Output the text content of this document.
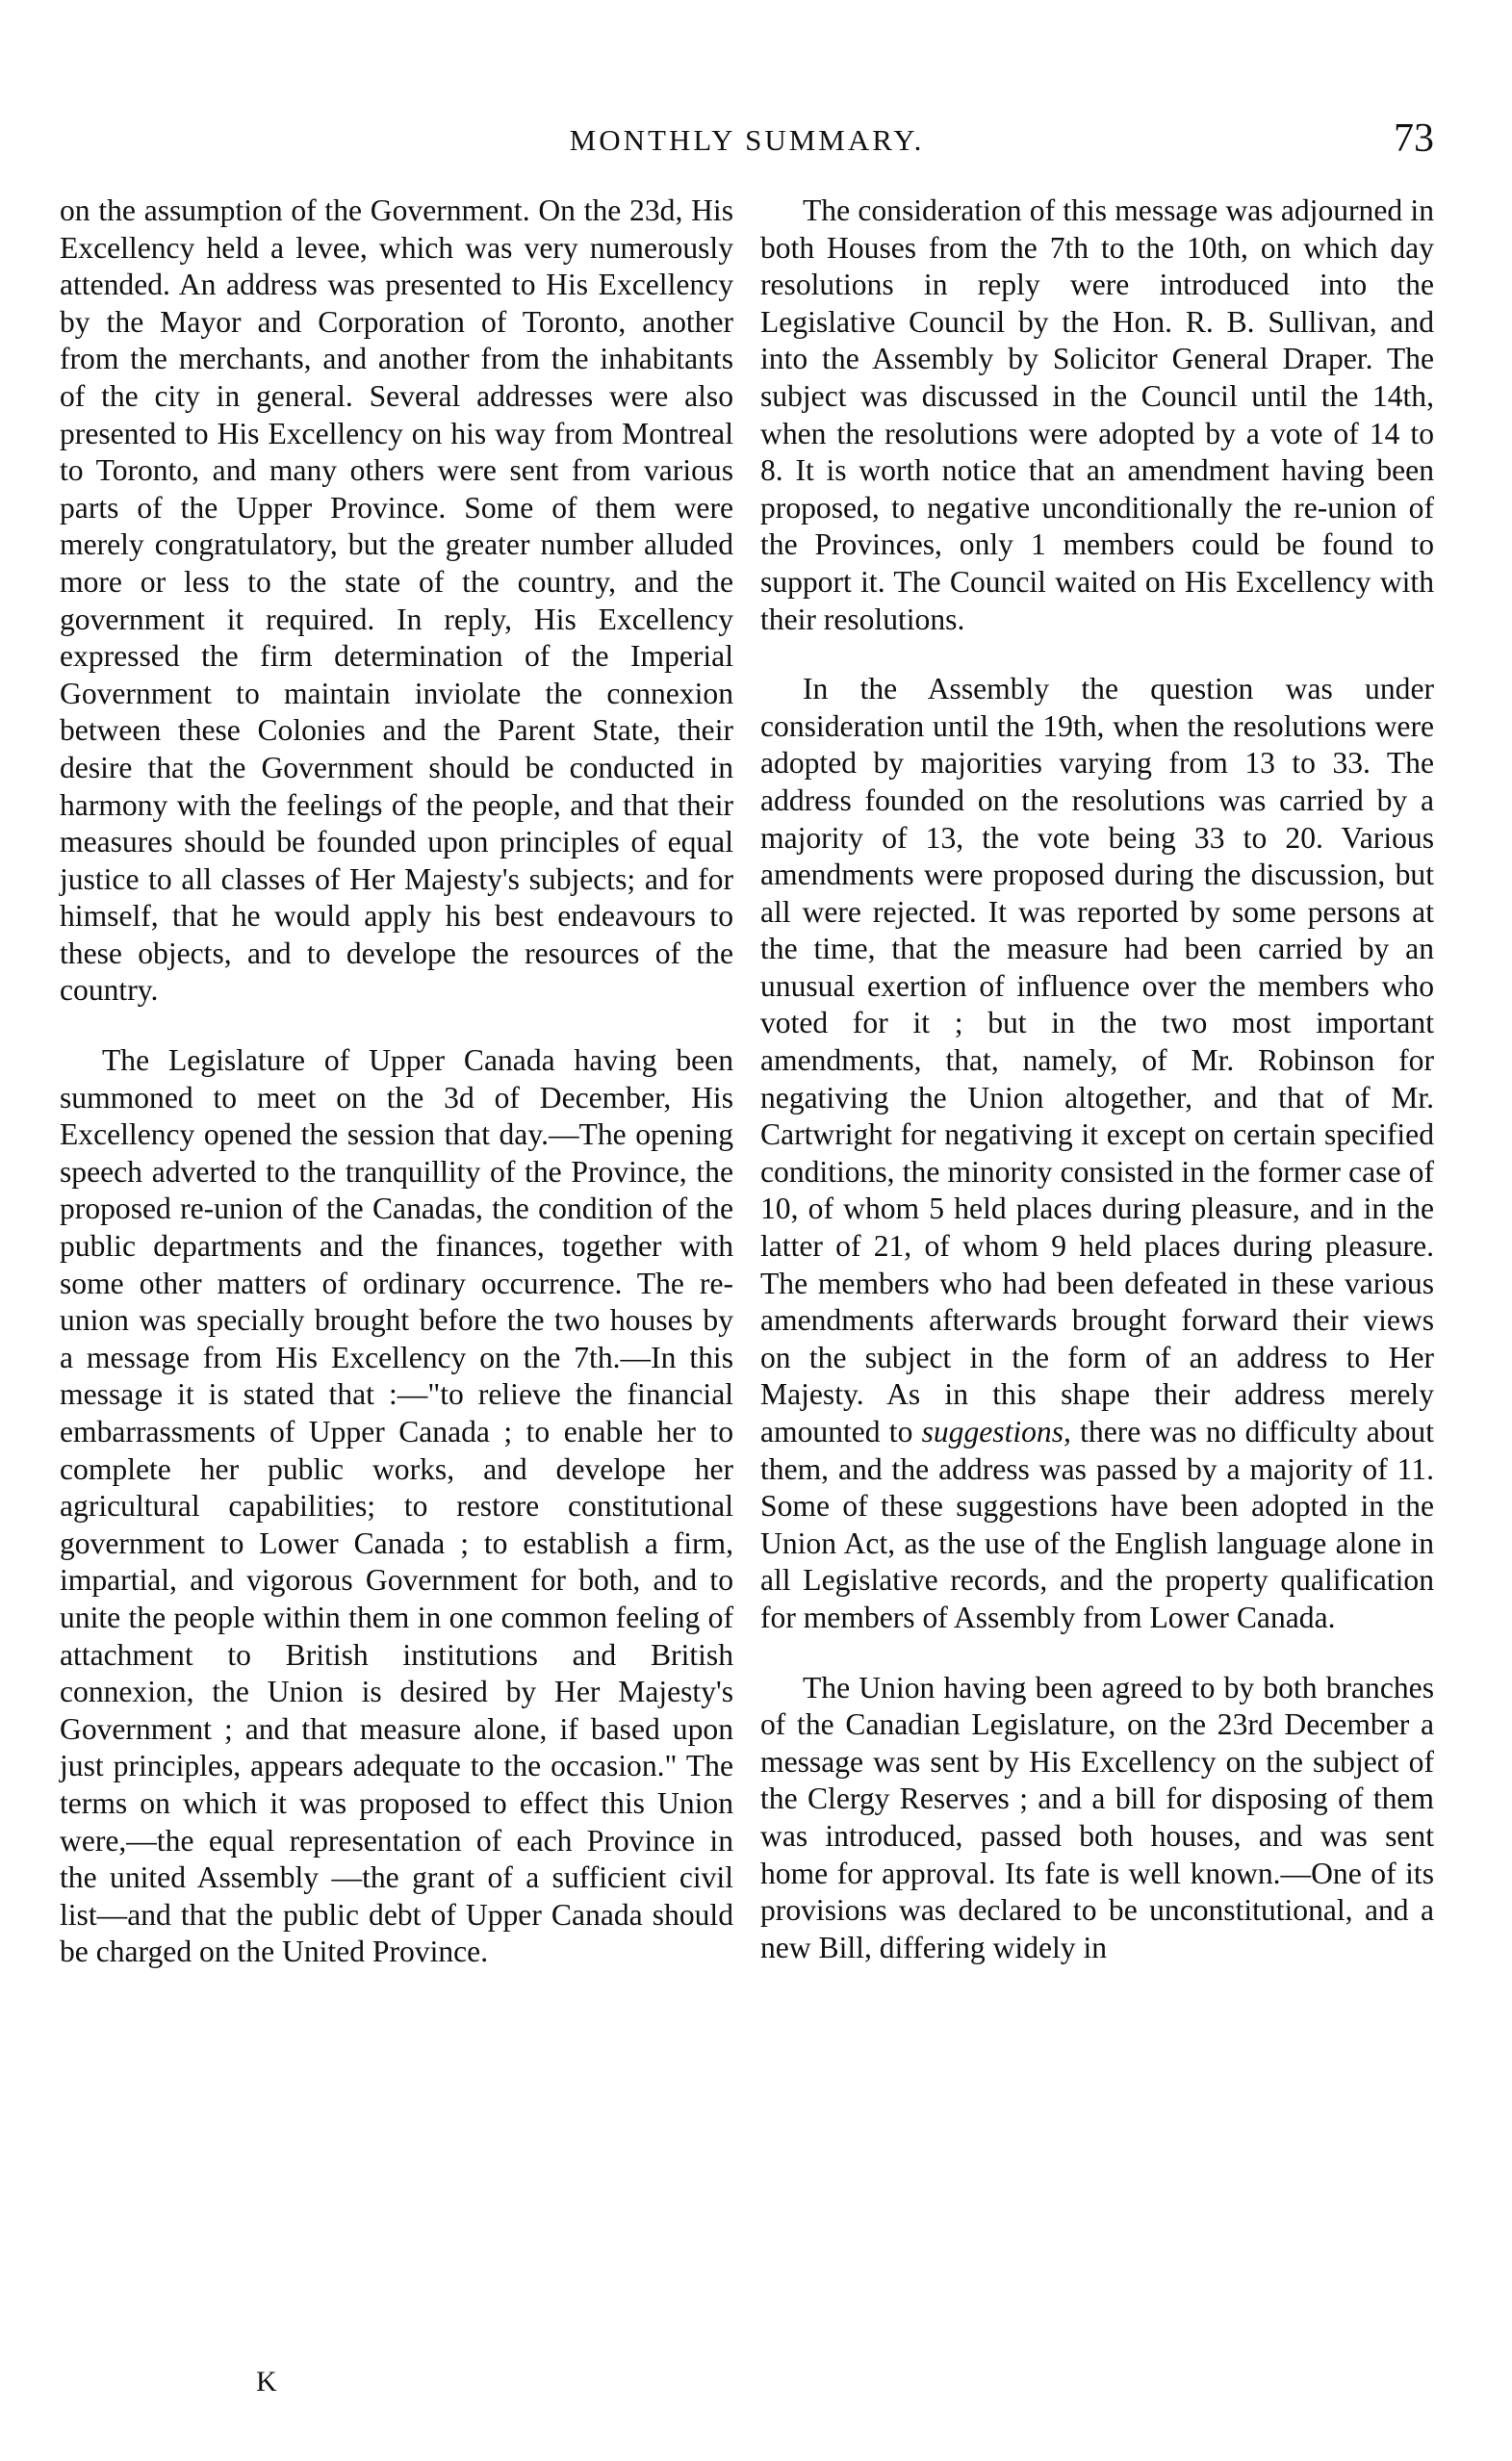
MONTHLY SUMMARY.	73

on the assumption of the Government. On the 23d, His Excellency held a levee, which was very numerously attended. An address was presented to His Excellency by the Mayor and Corporation of Toronto, another from the merchants, and another from the inhabitants of the city in general. Several addresses were also presented to His Excellency on his way from Montreal to Toronto, and many others were sent from various parts of the Upper Province. Some of them were merely congratulatory, but the greater number alluded more or less to the state of the country, and the government it required. In reply, His Excellency expressed the firm determination of the Imperial Government to maintain inviolate the connexion between these Colonies and the Parent State, their desire that the Government should be conducted in harmony with the feelings of the people, and that their measures should be founded upon principles of equal justice to all classes of Her Majesty's subjects; and for himself, that he would apply his best endeavours to these objects, and to develope the resources of the country.

The Legislature of Upper Canada having been summoned to meet on the 3d of December, His Excellency opened the session that day.—The opening speech adverted to the tranquillity of the Province, the proposed re-union of the Canadas, the condition of the public departments and the finances, together with some other matters of ordinary occurrence. The re-union was specially brought before the two houses by a message from His Excellency on the 7th.—In this message it is stated that :—"to relieve the financial embarrassments of Upper Canada ; to enable her to complete her public works, and develope her agricultural capabilities; to restore constitutional government to Lower Canada ; to establish a firm, impartial, and vigorous Government for both, and to unite the people within them in one common feeling of attachment to British institutions and British connexion, the Union is desired by Her Majesty's Government ; and that measure alone, if based upon just principles, appears adequate to the occasion." The terms on which it was proposed to effect this Union were,—the equal representation of each Province in the united Assembly —the grant of a sufficient civil list—and that the public debt of Upper Canada should be charged on the United Province.

The consideration of this message was adjourned in both Houses from the 7th to the 10th, on which day resolutions in reply were introduced into the Legislative Council by the Hon. R. B. Sullivan, and into the Assembly by Solicitor General Draper. The subject was discussed in the Council until the 14th, when the resolutions were adopted by a vote of 14 to 8. It is worth notice that an amendment having been proposed, to negative unconditionally the re-union of the Provinces, only 1 members could be found to support it. The Council waited on His Excellency with their resolutions.

In the Assembly the question was under consideration until the 19th, when the resolutions were adopted by majorities varying from 13 to 33. The address founded on the resolutions was carried by a majority of 13, the vote being 33 to 20. Various amendments were proposed during the discussion, but all were rejected. It was reported by some persons at the time, that the measure had been carried by an unusual exertion of influence over the members who voted for it ; but in the two most important amendments, that, namely, of Mr. Robinson for negativing the Union altogether, and that of Mr. Cartwright for negativing it except on certain specified conditions, the minority consisted in the former case of 10, of whom 5 held places during pleasure, and in the latter of 21, of whom 9 held places during pleasure. The members who had been defeated in these various amendments afterwards brought forward their views on the subject in the form of an address to Her Majesty. As in this shape their address merely amounted to suggestions, there was no difficulty about them, and the address was passed by a majority of 11. Some of these suggestions have been adopted in the Union Act, as the use of the English language alone in all Legislative records, and the property qualification for members of Assembly from Lower Canada.

The Union having been agreed to by both branches of the Canadian Legislature, on the 23rd December a message was sent by His Excellency on the subject of the Clergy Reserves ; and a bill for disposing of them was introduced, passed both houses, and was sent home for approval. Its fate is well known.—One of its provisions was declared to be unconstitutional, and a new Bill, differing widely in

K
